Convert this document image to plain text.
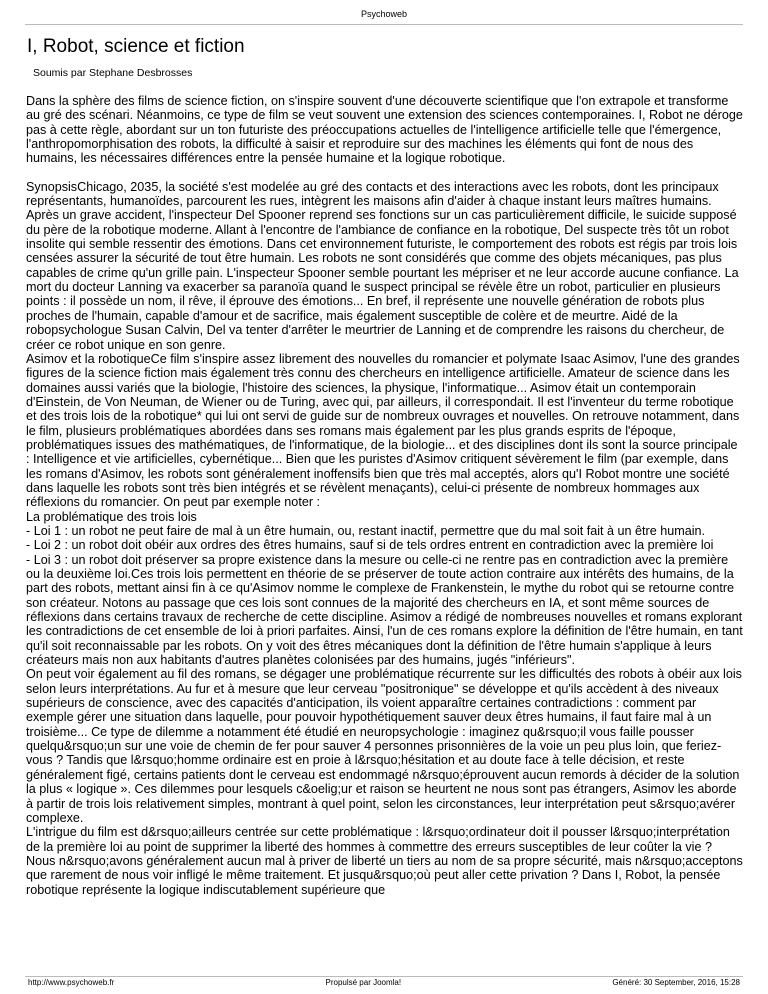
Psychoweb
I, Robot, science et fiction
Soumis par Stephane Desbrosses

Dans la sphère des films de science fiction, on s'inspire souvent d'une découverte scientifique que l'on extrapole et transforme au gré des scénari. Néanmoins, ce type de film se veut souvent une extension des sciences contemporaines. I, Robot ne déroge pas à cette règle, abordant sur un ton futuriste des préoccupations actuelles de l'intelligence artificielle telle que l'émergence, l'anthropomorphisation des robots, la difficulté à saisir et reproduire sur des machines les éléments qui font de nous des humains, les nécessaires différences entre la pensée humaine et la logique robotique.

SynopsisChicago, 2035, la société s'est modelée au gré des contacts et des interactions avec les robots, dont les principaux représentants, humanoïdes, parcourent les rues, intègrent les maisons afin d'aider à chaque instant leurs maîtres humains. Après un grave accident, l'inspecteur Del Spooner reprend ses fonctions sur un cas particulièrement difficile, le suicide supposé du père de la robotique moderne. Allant à l'encontre de l'ambiance de confiance en la robotique, Del suspecte très tôt un robot insolite qui semble ressentir des émotions. Dans cet environnement futuriste, le comportement des robots est régis par trois lois censées assurer la sécurité de tout être humain. Les robots ne sont considérés que comme des objets mécaniques, pas plus capables de crime qu'un grille pain. L'inspecteur Spooner semble pourtant les mépriser et ne leur accorde aucune confiance. La mort du docteur Lanning va exacerber sa paranoïa quand le suspect principal se révèle être un robot, particulier en plusieurs points : il possède un nom, il rêve, il éprouve des émotions... En bref, il représente une nouvelle génération de robots plus proches de l'humain, capable d'amour et de sacrifice, mais également susceptible de colère et de meurtre. Aidé de la robopsychologue Susan Calvin, Del va tenter d'arrêter le meurtrier de Lanning et de comprendre les raisons du chercheur, de créer ce robot unique en son genre.

Asimov et la robotiqueCe film s'inspire assez librement des nouvelles du romancier et polymate Isaac Asimov, l'une des grandes figures de la science fiction mais également très connu des chercheurs en intelligence artificielle. Amateur de science dans les domaines aussi variés que la biologie, l'histoire des sciences, la physique, l'informatique... Asimov était un contemporain d'Einstein, de Von Neuman, de Wiener ou de Turing, avec qui, par ailleurs, il correspondait. Il est l'inventeur du terme robotique et des trois lois de la robotique* qui lui ont servi de guide sur de nombreux ouvrages et nouvelles. On retrouve notamment, dans le film, plusieurs problématiques abordées dans ses romans mais également par les plus grands esprits de l'époque, problématiques issues des mathématiques, de l'informatique, de la biologie... et des disciplines dont ils sont la source principale : Intelligence et vie artificielles, cybernétique... Bien que les puristes d'Asimov critiquent sévèrement le film (par exemple, dans les romans d'Asimov, les robots sont généralement inoffensifs bien que très mal acceptés, alors qu'I Robot montre une société dans laquelle les robots sont très bien intégrés et se révèlent menaçants), celui-ci présente de nombreux hommages aux réflexions du romancier. On peut par exemple noter :

La problématique des trois lois

- Loi 1 : un robot ne peut faire de mal à un être humain, ou, restant inactif, permettre que du mal soit fait à un être humain.

- Loi 2 : un robot doit obéir aux ordres des êtres humains, sauf si de tels ordres entrent en contradiction avec la première loi

- Loi 3 : un robot doit préserver sa propre existence dans la mesure ou celle-ci ne rentre pas en contradiction avec la première ou la deuxième loi.Ces trois lois permettent en théorie de se préserver de toute action contraire aux intérêts des humains, de la part des robots, mettant ainsi fin à ce qu'Asimov nomme le complexe de Frankenstein, le mythe du robot qui se retourne contre son créateur. Notons au passage que ces lois sont connues de la majorité des chercheurs en IA, et sont même sources de réflexions dans certains travaux de recherche de cette discipline. Asimov a rédigé de nombreuses nouvelles et romans explorant les contradictions de cet ensemble de loi à priori parfaites. Ainsi, l'un de ces romans explore la définition de l'être humain, en tant qu'il soit reconnaissable par les robots. On y voit des êtres mécaniques dont la définition de l'être humain s'applique à leurs créateurs mais non aux habitants d'autres planètes colonisées par des humains, jugés "inférieurs".

On peut voir également au fil des romans, se dégager une problématique récurrente sur les difficultés des robots à obéir aux lois selon leurs interprétations. Au fur et à mesure que leur cerveau "positronique" se développe et qu'ils accèdent à des niveaux supérieurs de conscience, avec des capacités d'anticipation, ils voient apparaître certaines contradictions : comment par exemple gérer une situation dans laquelle, pour pouvoir hypothétiquement sauver deux êtres humains, il faut faire mal à un troisième... Ce type de dilemme a notamment été étudié en neuropsychologie : imaginez qu&rsquo;il vous faille pousser quelqu&rsquo;un sur une voie de chemin de fer pour sauver 4 personnes prisonnières de la voie un peu plus loin, que feriez-vous ? Tandis que l&rsquo;homme ordinaire est en proie à l&rsquo;hésitation et au doute face à telle décision, et reste généralement figé, certains patients dont le cerveau est endommagé n&rsquo;éprouvent aucun remords à décider de la solution la plus « logique ». Ces dilemmes pour lesquels c&oelig;ur et raison se heurtent ne nous sont pas étrangers, Asimov les aborde à partir de trois lois relativement simples, montrant à quel point, selon les circonstances, leur interprétation peut s&rsquo;avérer complexe.

L'intrigue du film est d&rsquo;ailleurs centrée sur cette problématique : l&rsquo;ordinateur doit il pousser l&rsquo;interprétation de la première loi au point de supprimer la liberté des hommes à commettre des erreurs susceptibles de leur coûter la vie ? Nous n&rsquo;avons généralement aucun mal à priver de liberté un tiers au nom de sa propre sécurité, mais n&rsquo;acceptons que rarement de nous voir infligé le même traitement. Et jusqu&rsquo;où peut aller cette privation ? Dans I, Robot, la pensée robotique représente la logique indiscutablement supérieure que

http://www.psychoweb.fr	Propulsé par Joomla!	Généré: 30 September, 2016, 15:28
